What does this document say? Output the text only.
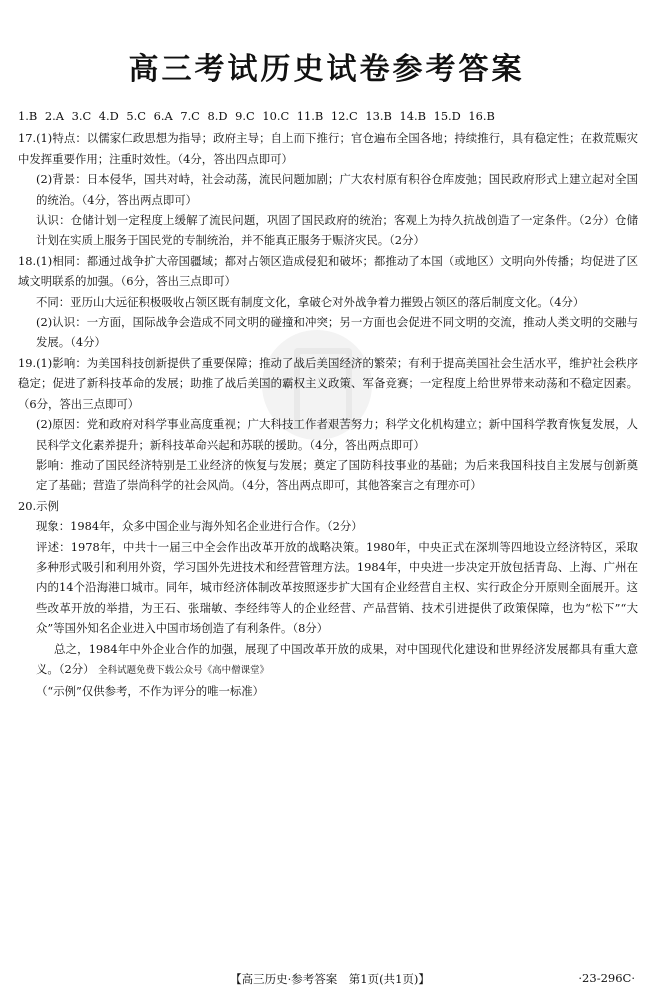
高三考试历史试卷参考答案

1.B 2.A 3.C 4.D 5.C 6.A 7.C 8.D 9.C 10.C 11.B 12.C 13.B 14.B 15.D 16.B

17.(1)特点：以儒家仁政思想为指导；政府主导；自上而下推行；官仓遍布全国各地；持续推行，具有稳定性；在救荒赈灾中发挥重要作用；注重时效性。（4分，答出四点即可）

(2)背景：日本侵华，国共对峙，社会动荡，流民问题加剧；广大农村原有积谷仓库废弛；国民政府形式上建立起对全国的统治。（4分，答出两点即可）

认识：仓储计划一定程度上缓解了流民问题，巩固了国民政府的统治；客观上为持久抗战创造了一定条件。（2分）仓储计划在实质上服务于国民党的专制统治，并不能真正服务于赈济灾民。（2分）

18.(1)相同：都通过战争扩大帝国疆域；都对占领区造成侵犯和破坏；都推动了本国（或地区）文明向外传播；均促进了区域文明联系的加强。（6分，答出三点即可）

不同：亚历山大远征积极吸收占领区既有制度文化，拿破仑对外战争着力摧毁占领区的落后制度文化。（4分）

(2)认识：一方面，国际战争会造成不同文明的碰撞和冲突；另一方面也会促进不同文明的交流，推动人类文明的交融与发展。（4分）

19.(1)影响：为美国科技创新提供了重要保障；推动了战后美国经济的繁荣；有利于提高美国社会生活水平，维护社会秩序稳定；促进了新科技革命的发展；助推了战后美国的霸权主义政策、军备竞赛；一定程度上给世界带来动荡和不稳定因素。（6分，答出三点即可）

(2)原因：党和政府对科学事业高度重视；广大科技工作者艰苦努力；科学文化机构建立；新中国科学教育恢复发展，人民科学文化素养提升；新科技革命兴起和苏联的援助。（4分，答出两点即可）

影响：推动了国民经济特别是工业经济的恢复与发展；奠定了国防科技事业的基础；为后来我国科技自主发展与创新奠定了基础；营造了崇尚科学的社会风尚。（4分，答出两点即可，其他答案言之有理亦可）

20.示例

现象：1984年，众多中国企业与海外知名企业进行合作。（2分）

评述：1978年，中共十一届三中全会作出改革开放的战略决策。1980年，中央正式在深圳等四地设立经济特区，采取多种形式吸引和利用外资，学习国外先进技术和经营管理方法。1984年，中央进一步决定开放包括青岛、上海、广州在内的14个沿海港口城市。同年，城市经济体制改革按照逐步扩大国有企业经营自主权、实行政企分开原则全面展开。这些改革开放的举措，为王石、张瑞敏、李经纬等人的企业经营、产品营销、技术引进提供了政策保障，也为“松下”“大众”等国外知名企业进入中国市场创造了有利条件。（8分）

总之，1984年中外企业合作的加强，展现了中国改革开放的成果，对中国现代化建设和世界经济发展都具有重大意义。（2分） 全科试题免费下载公众号《高中僧课堂》

（“示例”仅供参考，不作为评分的唯一标准）

【高三历史·参考答案　第1页(共1页)】	·23-296C·
